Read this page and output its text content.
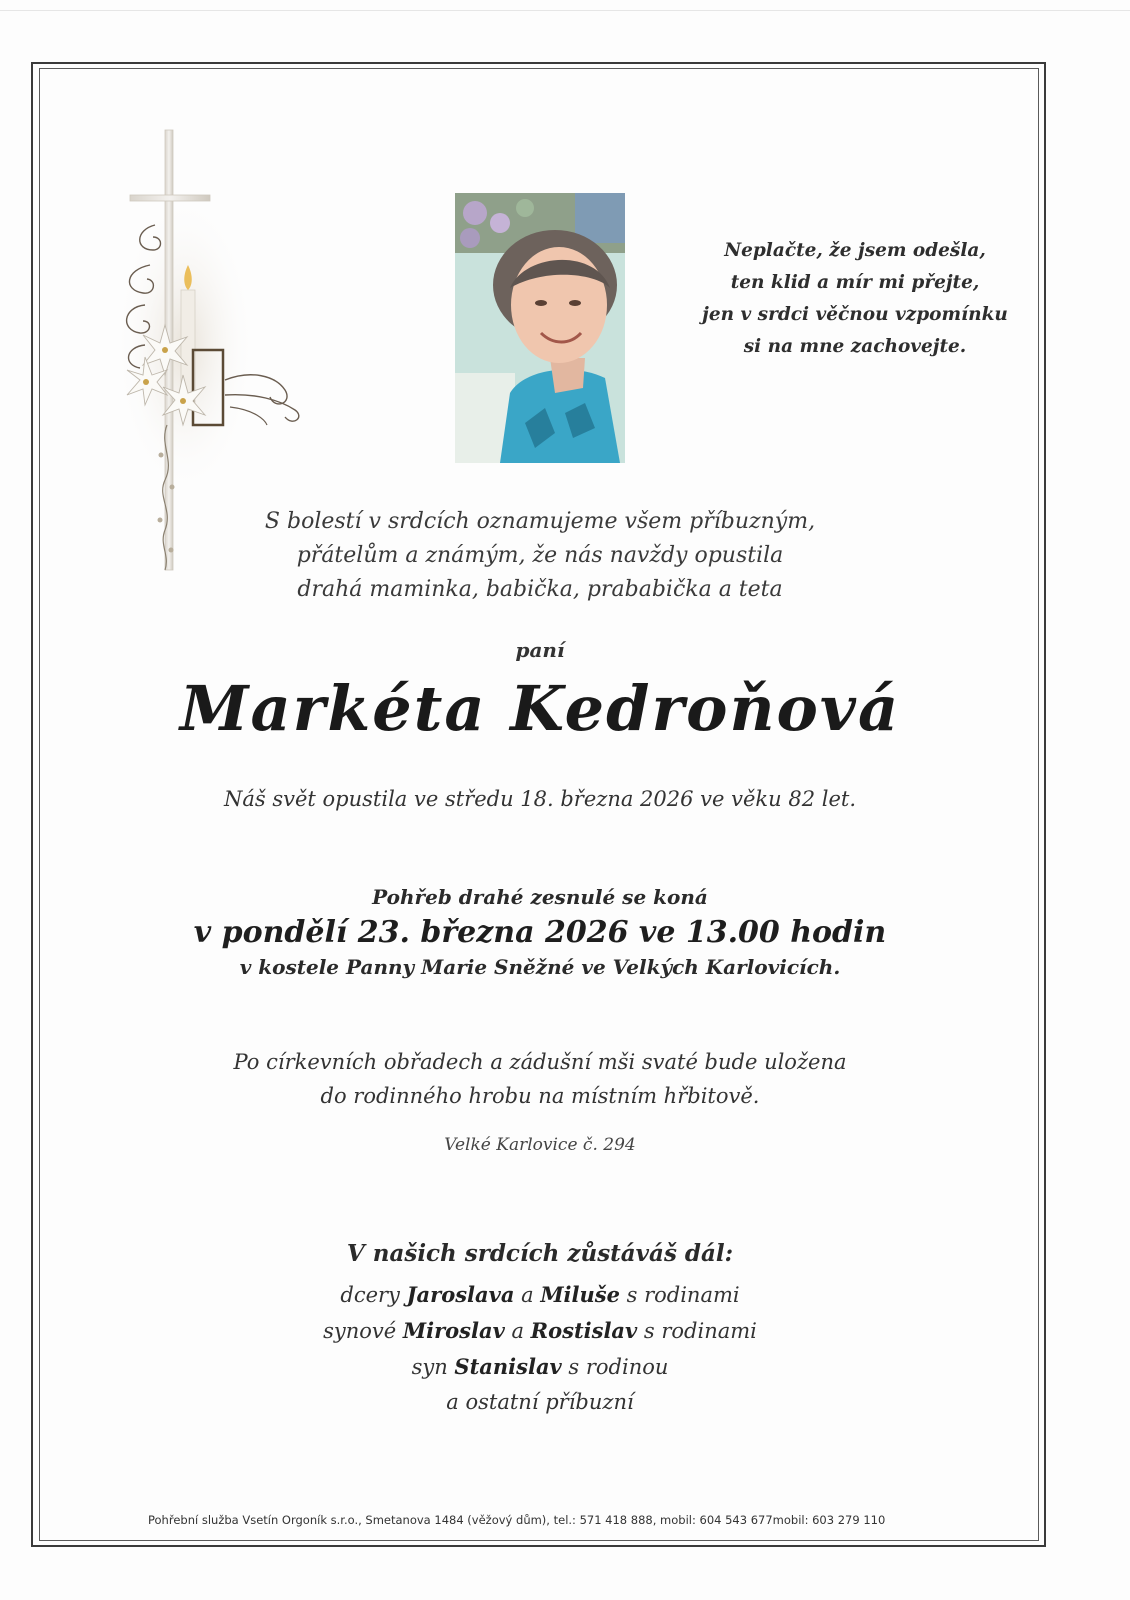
Neplačte, že jsem odešla,
ten klid a mír mi přejte,
jen v srdci věčnou vzpomínku
si na mne zachovejte.
S bolestí v srdcích oznamujeme všem příbuzným,
přátelům a známým, že nás navždy opustila
drahá maminka, babička, prababička a teta
paní
Markéta Kedroňová
Náš svět opustila ve středu 18. března 2026 ve věku 82 let.
Pohřeb drahé zesnulé se koná
v pondělí 23. března 2026 ve 13.00 hodin
v kostele Panny Marie Sněžné ve Velkých Karlovicích.
Po církevních obřadech a zádušní mši svaté bude uložena
do rodinného hrobu na místním hřbitově.
Velké Karlovice č. 294
V našich srdcích zůstáváš dál:
dcery Jaroslava a Miluše s rodinami
synové Miroslav a Rostislav s rodinami
syn Stanislav s rodinou
a ostatní příbuzní
Pohřební služba Vsetín Orgoník s.r.o., Smetanova 1484 (věžový dům), tel.: 571 418 888, mobil: 604 543 677mobil: 603 279 110
